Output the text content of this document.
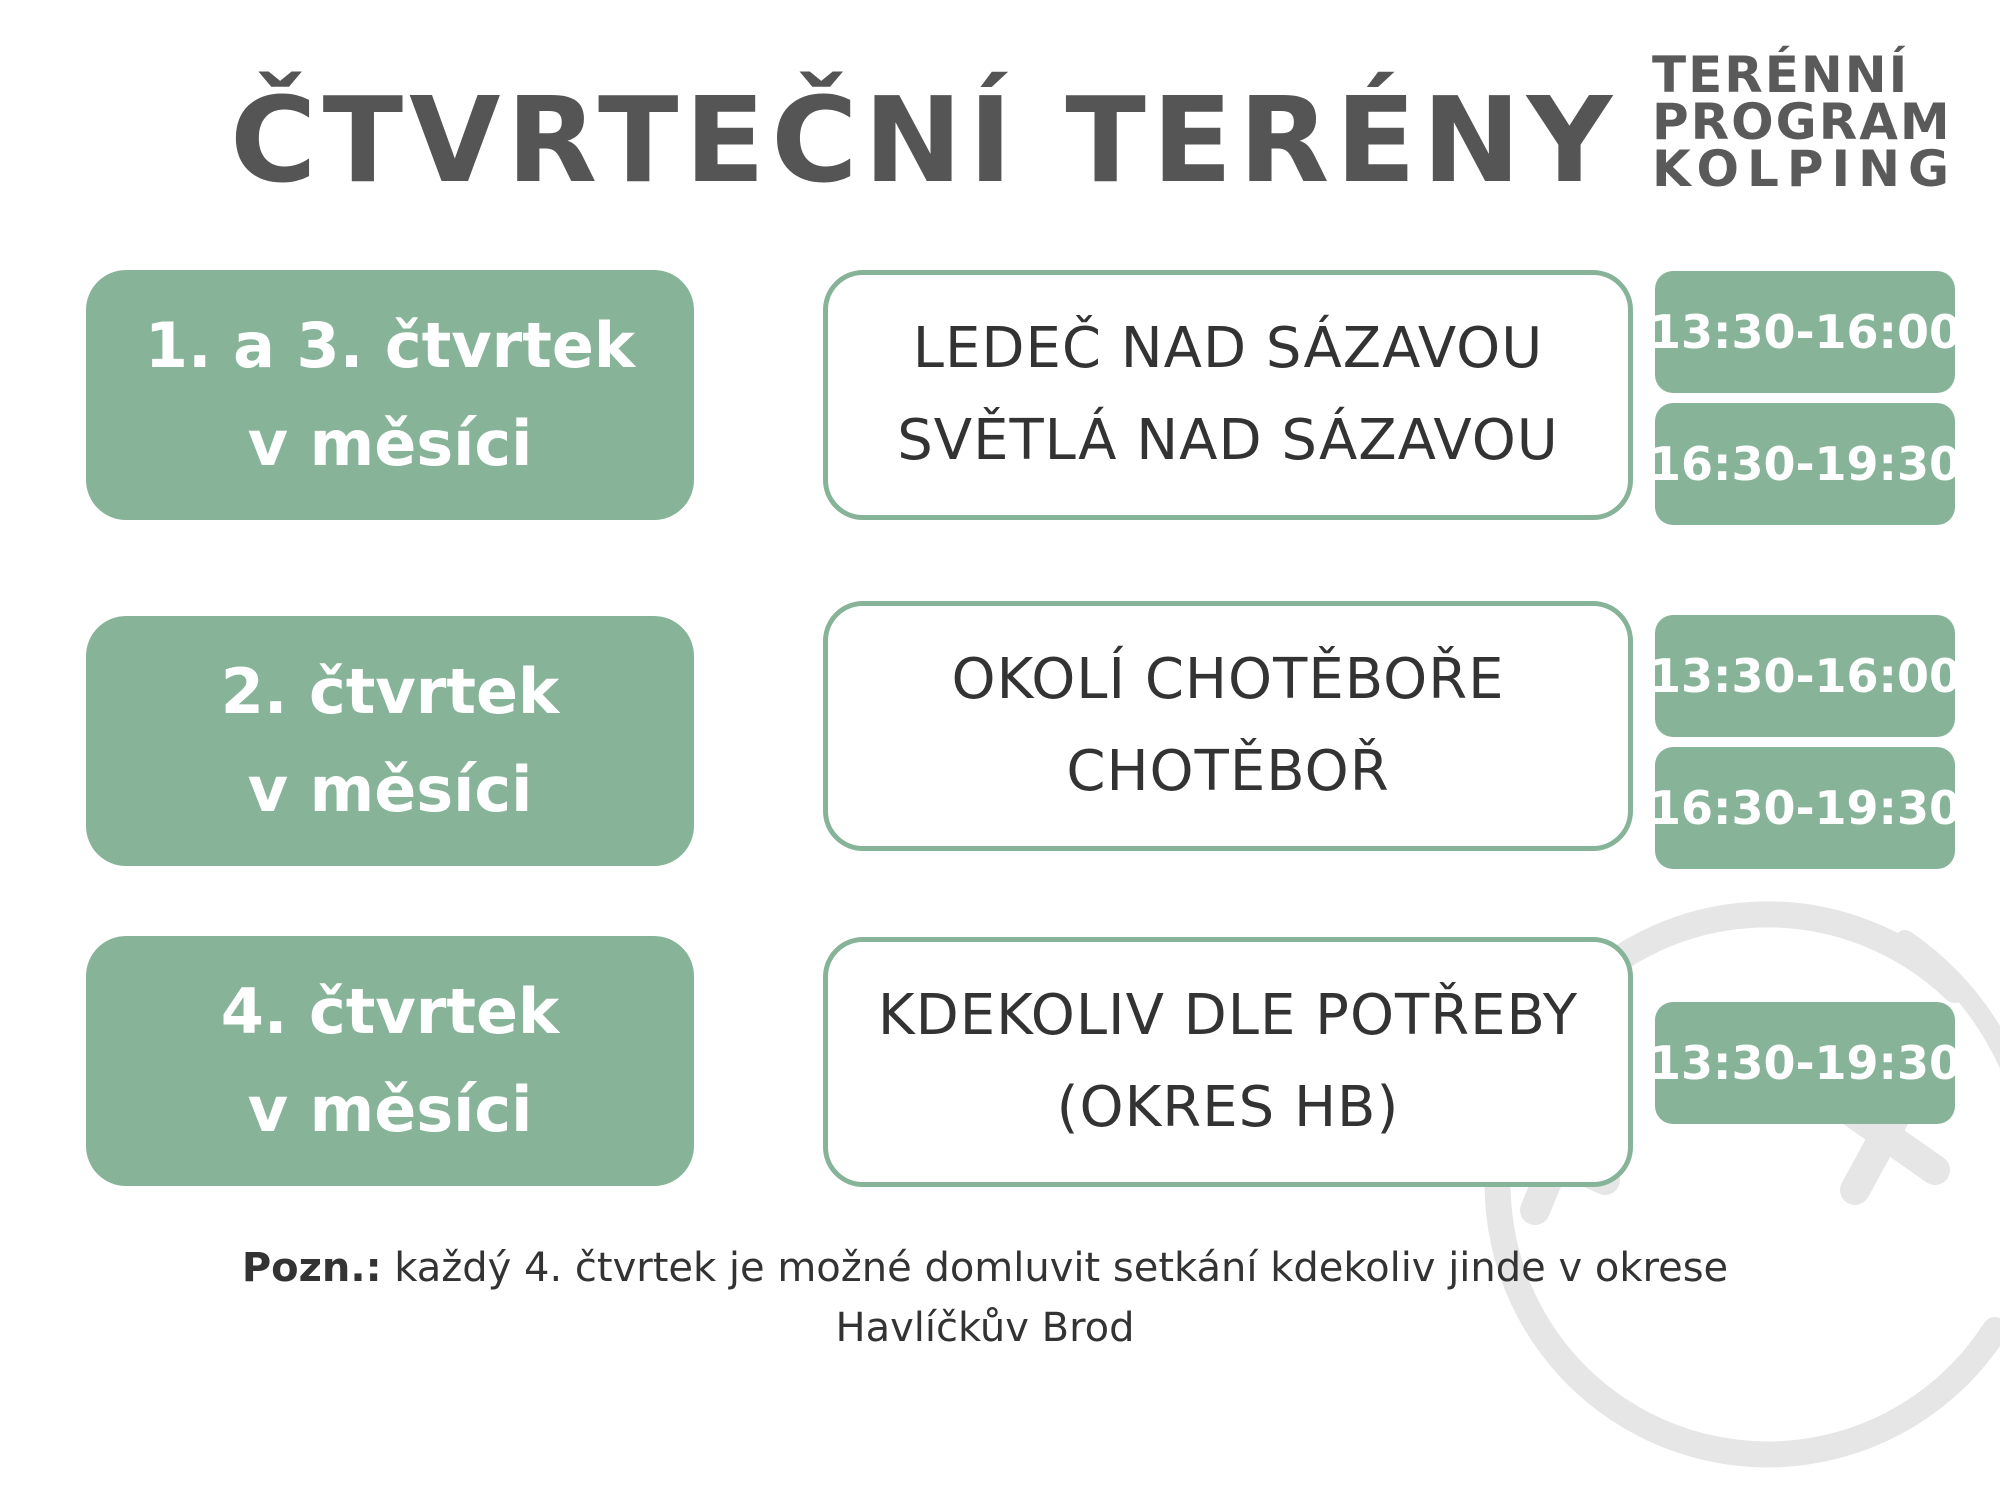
ČTVRTEČNÍ TERÉNY TERÉNNÍ
PROGRAM
KOLPING
1. a 3. čtvrtek
v měsíci
LEDEČ NAD SÁZAVOU
SVĚTLÁ NAD SÁZAVOU
13:30-16:00
16:30-19:30
2. čtvrtek
v měsíci
OKOLÍ CHOTĚBOŘE
CHOTĚBOŘ
13:30-16:00
16:30-19:30
4. čtvrtek
v měsíci
KDEKOLIV DLE POTŘEBY
(OKRES HB)
13:30-19:30
Pozn.: každý 4. čtvrtek je možné domluvit setkání kdekoliv jinde v okrese
Havlíčkův Brod
